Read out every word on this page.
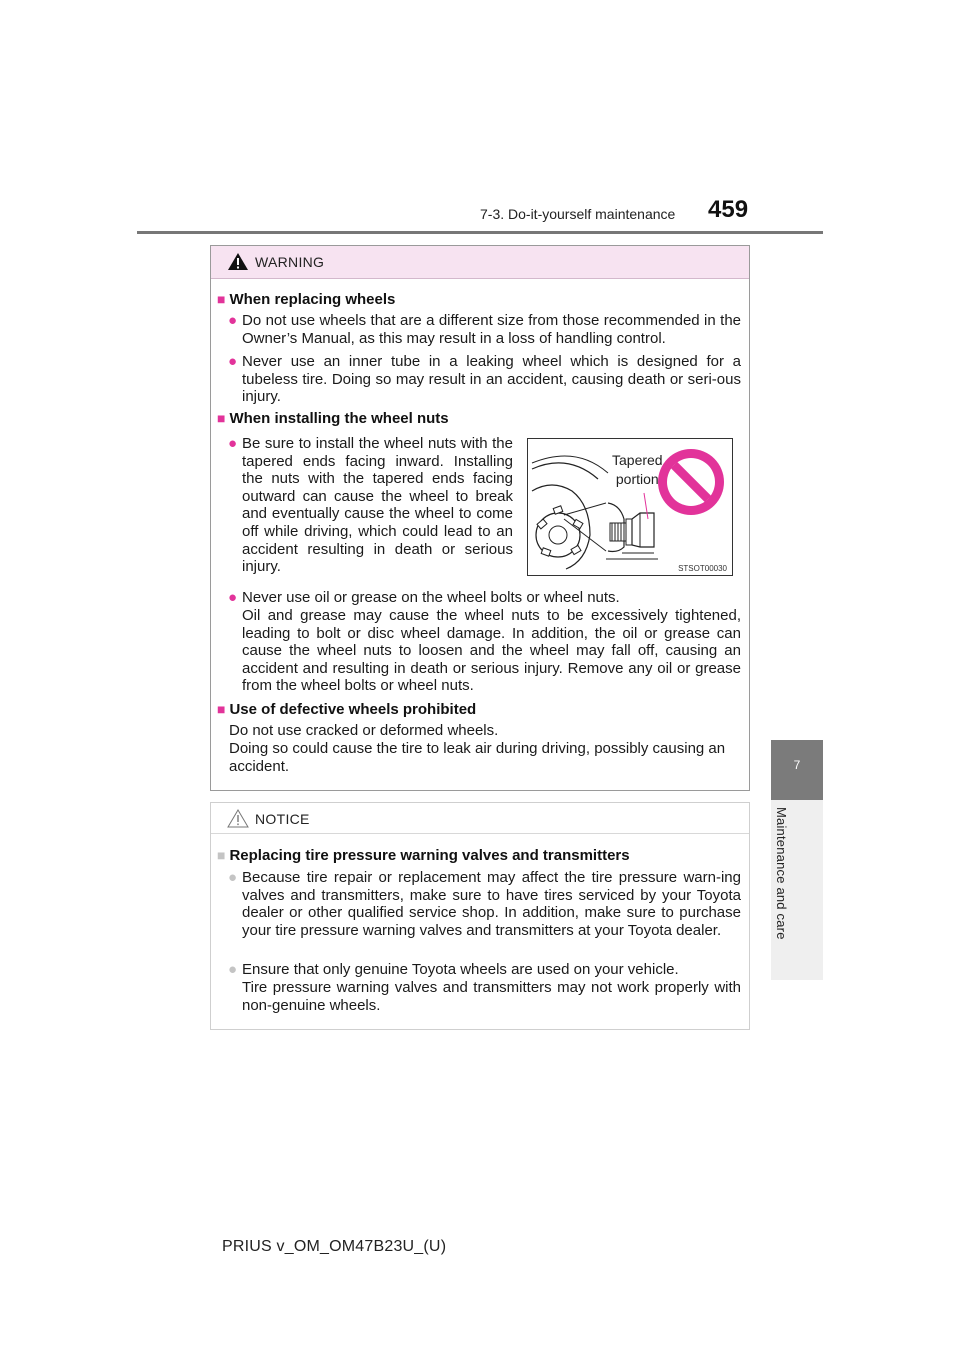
7-3. Do-it-yourself maintenance 459
7
Maintenance and care
WARNING
■ When replacing wheels
● Do not use wheels that are a different size from those recommended in the Owner’s Manual, as this may result in a loss of handling control.
● Never use an inner tube in a leaking wheel which is designed for a tubeless tire. Doing so may result in an accident, causing death or seri-ous injury.
■ When installing the wheel nuts
● Be sure to install the wheel nuts with the tapered ends facing inward. Installing the nuts with the tapered ends facing outward can cause the wheel to break and eventually cause the wheel to come off while driving, which could lead to an accident resulting in death or serious injury.
Tapered
portion
STSOT00030
● Never use oil or grease on the wheel bolts or wheel nuts.
Oil and grease may cause the wheel nuts to be excessively tightened, leading to bolt or disc wheel damage. In addition, the oil or grease can cause the wheel nuts to loosen and the wheel may fall off, causing an accident and resulting in death or serious injury. Remove any oil or grease from the wheel bolts or wheel nuts.
■ Use of defective wheels prohibited
Do not use cracked or deformed wheels.
Doing so could cause the tire to leak air during driving, possibly causing an accident.
NOTICE
■ Replacing tire pressure warning valves and transmitters
● Because tire repair or replacement may affect the tire pressure warn-ing valves and transmitters, make sure to have tires serviced by your Toyota dealer or other qualified service shop. In addition, make sure to purchase your tire pressure warning valves and transmitters at your Toyota dealer.
● Ensure that only genuine Toyota wheels are used on your vehicle.
Tire pressure warning valves and transmitters may not work properly with non-genuine wheels.
PRIUS v_OM_OM47B23U_(U)
